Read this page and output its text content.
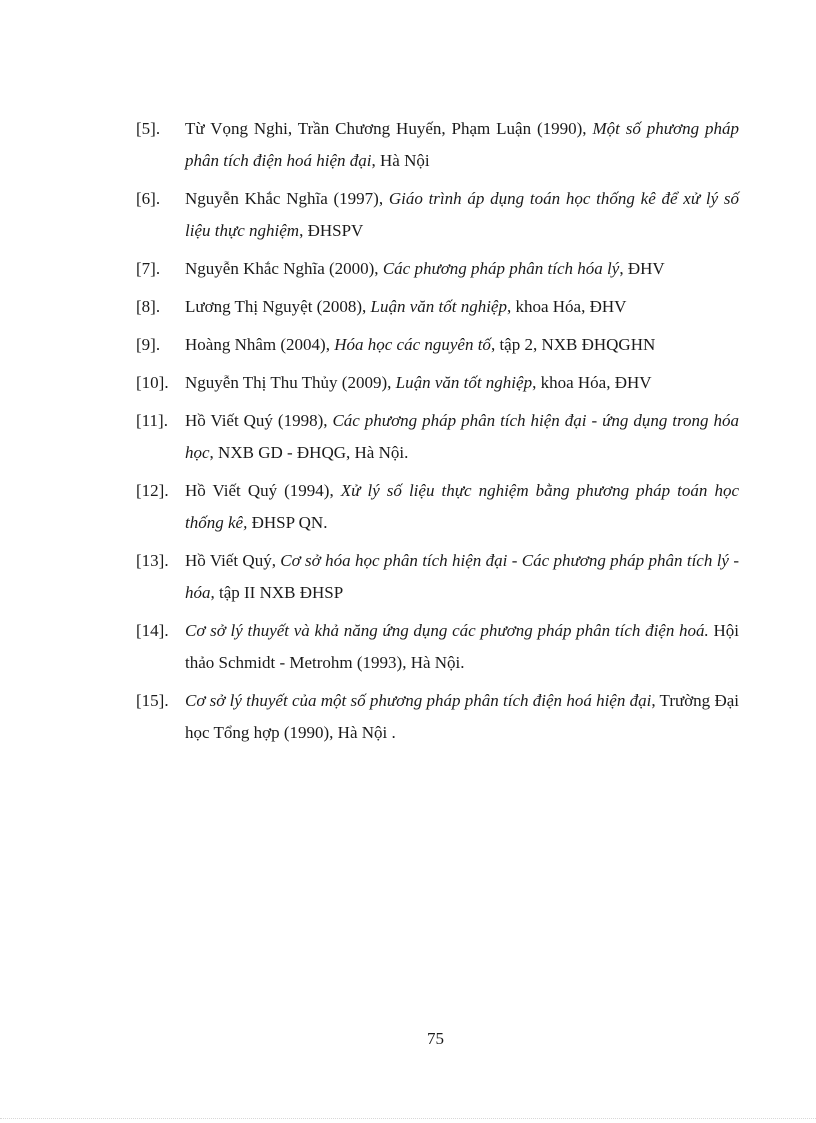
[5].	Từ Vọng Nghi, Trần Chương Huyến, Phạm Luận (1990), Một số phương pháp phân tích điện hoá hiện đại, Hà Nội
[6].	Nguyễn Khắc Nghĩa (1997), Giáo trình áp dụng toán học thống kê để xử lý số liệu thực nghiệm, ĐHSPV
[7].	Nguyễn Khắc Nghĩa (2000), Các phương pháp phân tích hóa lý, ĐHV
[8].	Lương Thị Nguyệt (2008), Luận văn tốt nghiệp, khoa Hóa, ĐHV
[9].	Hoàng Nhâm (2004), Hóa học các nguyên tố, tập 2, NXB ĐHQGHN
[10]. Nguyễn Thị Thu Thủy (2009), Luận văn tốt nghiệp, khoa Hóa, ĐHV
[11].	Hồ Viết Quý (1998), Các phương pháp phân tích hiện đại - ứng dụng trong hóa học, NXB GD - ĐHQG, Hà Nội.
[12]. Hồ Viết Quý (1994), Xử lý số liệu thực nghiệm bằng phương pháp toán học thống kê, ĐHSP QN.
[13]. Hồ Viết Quý, Cơ sở hóa học phân tích hiện đại - Các phương pháp phân tích lý - hóa, tập II NXB ĐHSP
[14]. Cơ sở lý thuyết và khả năng ứng dụng các phương pháp phân tích điện hoá. Hội thảo Schmidt - Metrohm (1993), Hà Nội.
[15]. Cơ sở lý thuyết của một số phương pháp phân tích điện hoá hiện đại, Trường Đại học Tổng hợp (1990), Hà Nội .
75
